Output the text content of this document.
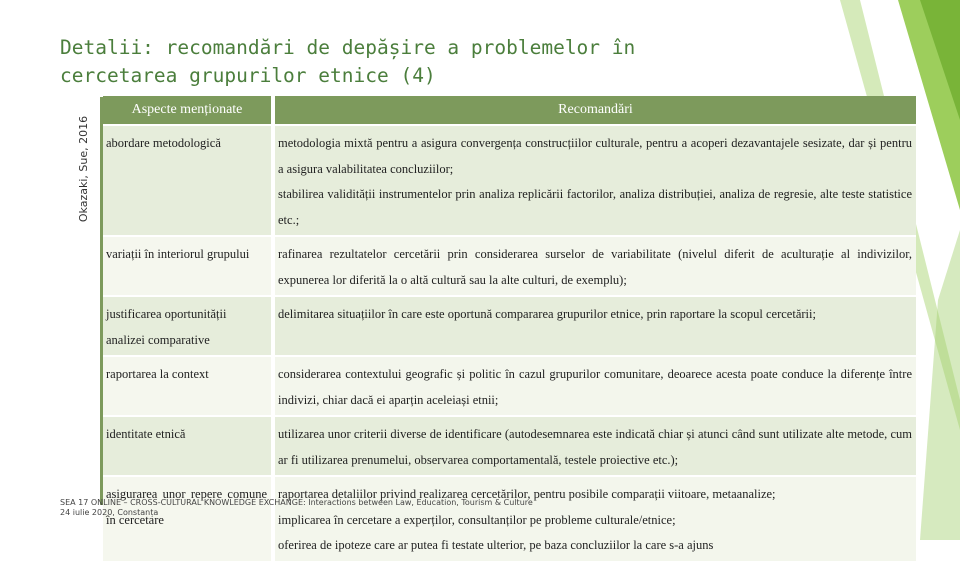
Detalii: recomandări de depășire a problemelor în cercetarea grupurilor etnice (4)
Okazaki, Sue, 2016
Aspecte menționate	Recomandări
abordare metodologică	metodologia mixtă pentru a asigura convergența construcțiilor culturale, pentru a acoperi dezavantajele sesizate, dar și pentru a asigura valabilitatea concluziilor;
stabilirea validității instrumentelor prin analiza replicării factorilor, analiza distribuției, analiza de regresie, alte teste statistice etc.;

variații în interiorul grupului	rafinarea rezultatelor cercetării prin considerarea surselor de variabilitate (nivelul diferit de aculturație al indivizilor, expunerea lor diferită la o altă cultură sau la alte culturi, de exemplu);

justificarea oportunității analizei comparative	delimitarea situațiilor în care este oportună compararea grupurilor etnice, prin raportare la scopul cercetării;

raportarea la context	considerarea contextului geografic și politic în cazul grupurilor comunitare, deoarece acesta poate conduce la diferențe între indivizi, chiar dacă ei aparțin aceleiași etnii;

identitate etnică	utilizarea unor criterii diverse de identificare (autodesemnarea este indicată chiar și atunci când sunt utilizate alte metode, cum ar fi utilizarea prenumelui, observarea comportamentală, testele proiective etc.);

asigurarea unor repere comune în cercetare	raportarea detaliilor privind realizarea cercetărilor, pentru posibile comparații viitoare, metaanalize;
implicarea în cercetare a experților, consultanților pe probleme culturale/etnice;
oferirea de ipoteze care ar putea fi testate ulterior, pe baza concluziilor la care s-a ajuns
SEA 17 ONLINE – CROSS-CULTURAL KNOWLEDGE EXCHANGE: Interactions between Law, Education, Tourism & Culture
24 iulie 2020, Constanța
